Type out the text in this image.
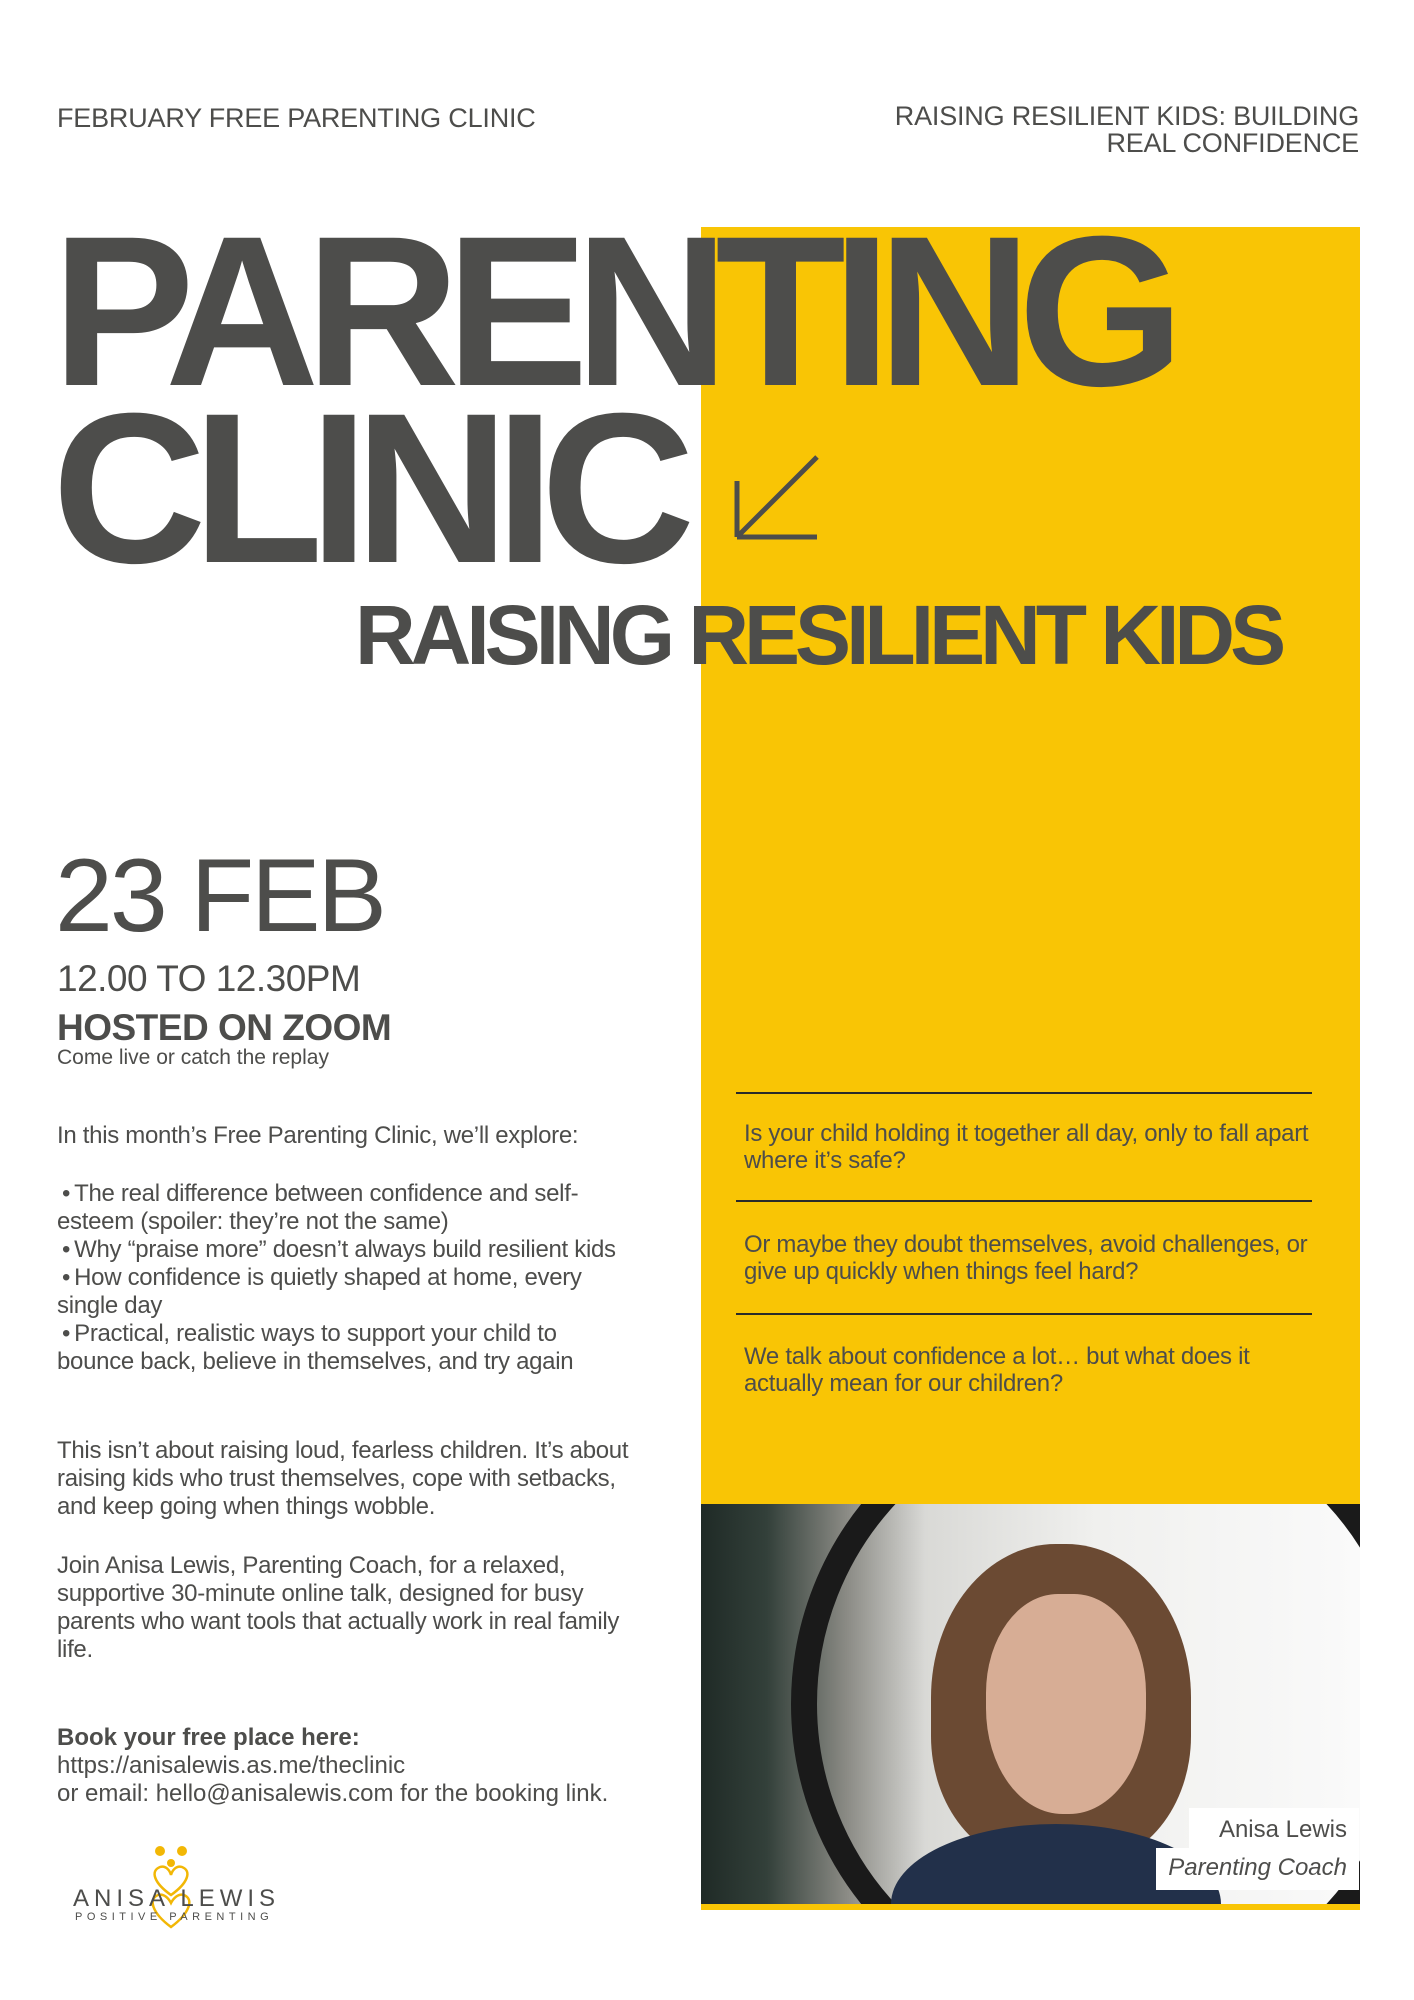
FEBRUARY FREE PARENTING CLINIC	RAISING RESILIENT KIDS: BUILDING
REAL CONFIDENCE
PARENTING
CLINIC
RAISING RESILIENT KIDS
23 FEB
12.00 TO 12.30PM
HOSTED ON ZOOM
Come live or catch the replay
In this month’s Free Parenting Clinic, we’ll explore:
• The real difference between confidence and self-esteem (spoiler: they’re not the same)
• Why “praise more” doesn’t always build resilient kids
• How confidence is quietly shaped at home, every single day
• Practical, realistic ways to support your child to bounce back, believe in themselves, and try again
This isn’t about raising loud, fearless children. It’s about raising kids who trust themselves, cope with setbacks, and keep going when things wobble.
Join Anisa Lewis, Parenting Coach, for a relaxed, supportive 30-minute online talk, designed for busy parents who want tools that actually work in real family life.
Book your free place here:
https://anisalewis.as.me/theclinic
or email: hello@anisalewis.com for the booking link.
Is your child holding it together all day, only to fall apart where it’s safe?
Or maybe they doubt themselves, avoid challenges, or give up quickly when things feel hard?
We talk about confidence a lot… but what does it actually mean for our children?
Anisa Lewis
Parenting Coach
ANISA LEWIS
POSITIVE PARENTING
